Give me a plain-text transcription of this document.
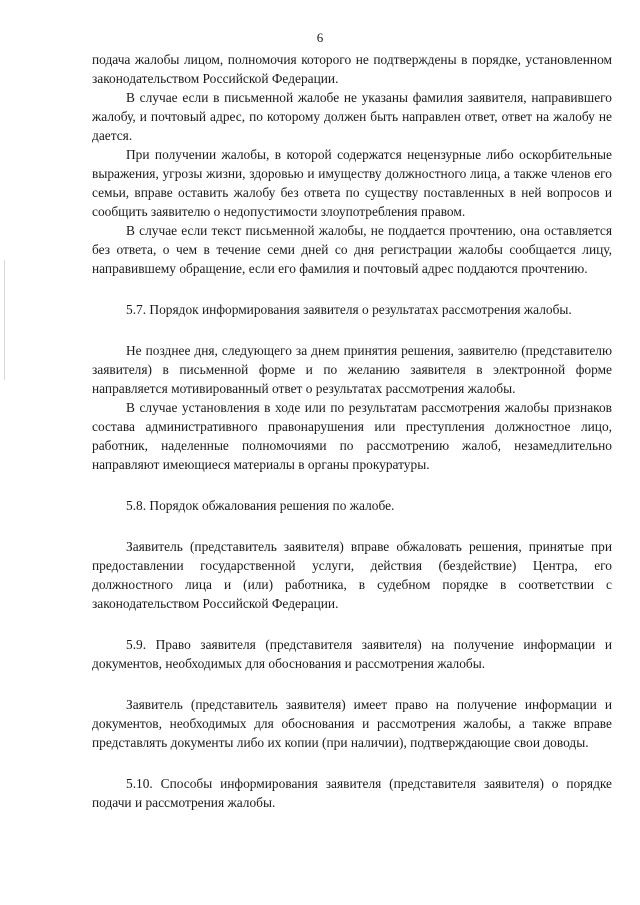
6

подача жалобы лицом, полномочия которого не подтверждены в порядке, установленном законодательством Российской Федерации.

В случае если в письменной жалобе не указаны фамилия заявителя, направившего жалобу, и почтовый адрес, по которому должен быть направлен ответ, ответ на жалобу не дается.

При получении жалобы, в которой содержатся нецензурные либо оскорбительные выражения, угрозы жизни, здоровью и имуществу должностного лица, а также членов его семьи, вправе оставить жалобу без ответа по существу поставленных в ней вопросов и сообщить заявителю о недопустимости злоупотребления правом.

В случае если текст письменной жалобы, не поддается прочтению, она оставляется без ответа, о чем в течение семи дней со дня регистрации жалобы сообщается лицу, направившему обращение, если его фамилия и почтовый адрес поддаются прочтению.

5.7. Порядок информирования заявителя о результатах рассмотрения жалобы.

Не позднее дня, следующего за днем принятия решения, заявителю (представителю заявителя) в письменной форме и по желанию заявителя в электронной форме направляется мотивированный ответ о результатах рассмотрения жалобы.

В случае установления в ходе или по результатам рассмотрения жалобы признаков состава административного правонарушения или преступления должностное лицо, работник, наделенные полномочиями по рассмотрению жалоб, незамедлительно направляют имеющиеся материалы в органы прокуратуры.

5.8. Порядок обжалования решения по жалобе.

Заявитель (представитель заявителя) вправе обжаловать решения, принятые при предоставлении государственной услуги, действия (бездействие) Центра, его должностного лица и (или) работника, в судебном порядке в соответствии с законодательством Российской Федерации.

5.9. Право заявителя (представителя заявителя) на получение информации и документов, необходимых для обоснования и рассмотрения жалобы.

Заявитель (представитель заявителя) имеет право на получение информации и документов, необходимых для обоснования и рассмотрения жалобы, а также вправе представлять документы либо их копии (при наличии), подтверждающие свои доводы.

5.10. Способы информирования заявителя (представителя заявителя) о порядке подачи и рассмотрения жалобы.
